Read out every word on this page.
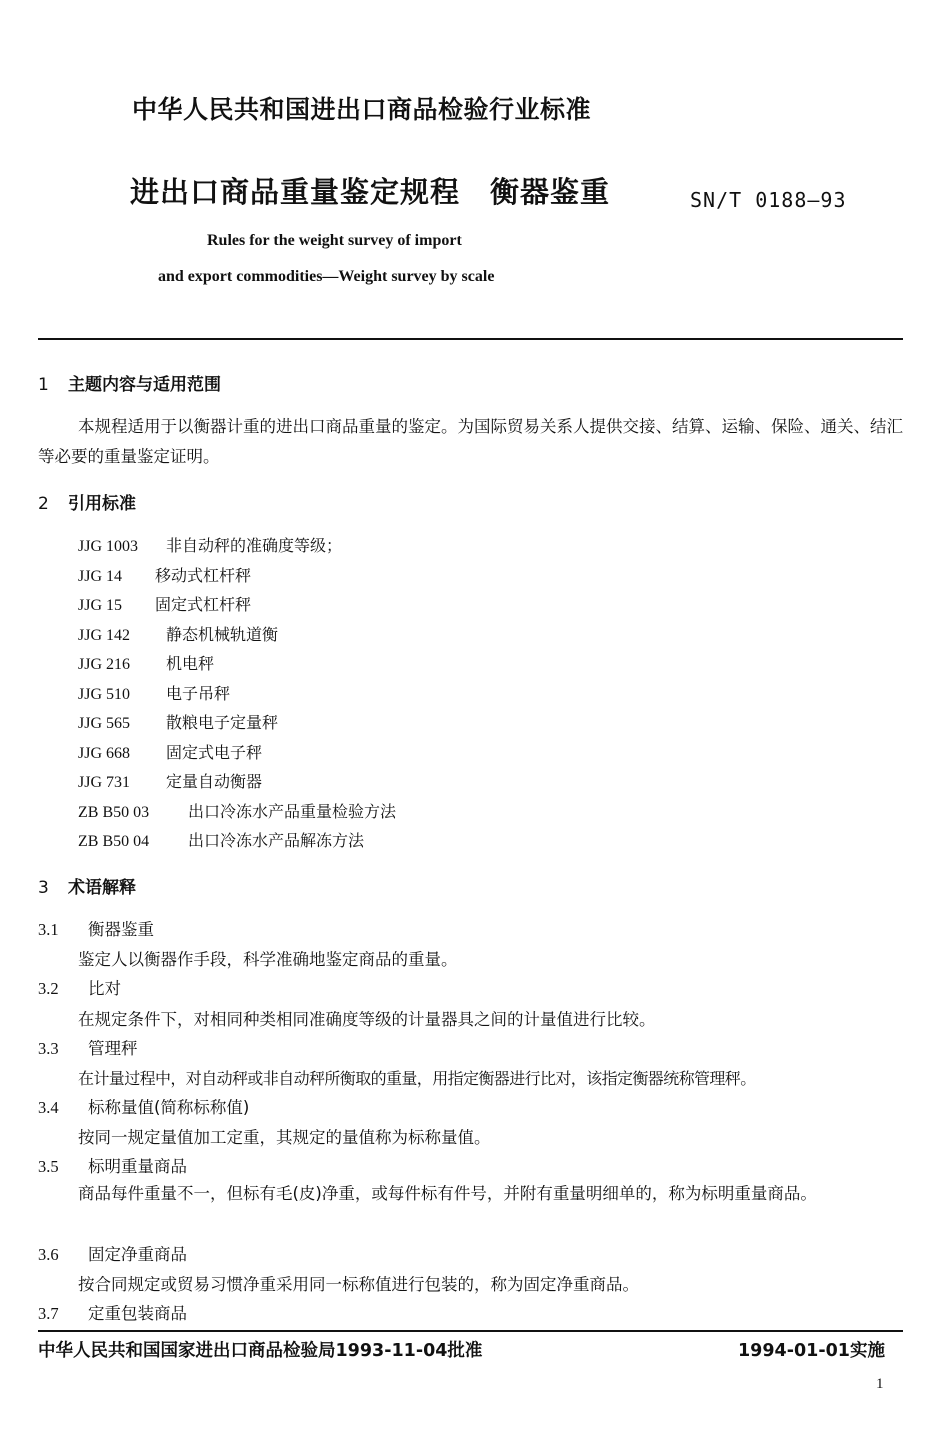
中华人民共和国进出口商品检验行业标准
进出口商品重量鉴定规程　衡器鉴重	SN/T 0188—93
Rules for the weight survey of import
and export commodities—Weight survey by scale
1 主题内容与适用范围
本规程适用于以衡器计重的进出口商品重量的鉴定。为国际贸易关系人提供交接、结算、运输、保险、通关、结汇等必要的重量鉴定证明。
2 引用标准
JJG 1003 非自动秤的准确度等级；
JJG 14 移动式杠杆秤
JJG 15 固定式杠杆秤
JJG 142 静态机械轨道衡
JJG 216 机电秤
JJG 510 电子吊秤
JJG 565 散粮电子定量秤
JJG 668 固定式电子秤
JJG 731 定量自动衡器
ZB B50 03 出口冷冻水产品重量检验方法
ZB B50 04 出口冷冻水产品解冻方法
3 术语解释
3.1 衡器鉴重
鉴定人以衡器作手段，科学准确地鉴定商品的重量。
3.2 比对
在规定条件下，对相同种类相同准确度等级的计量器具之间的计量值进行比较。
3.3 管理秤
在计量过程中，对自动秤或非自动秤所衡取的重量，用指定衡器进行比对，该指定衡器统称管理秤。
3.4 标称量值(简称标称值)
按同一规定量值加工定重，其规定的量值称为标称量值。
3.5 标明重量商品
商品每件重量不一，但标有毛(皮)净重，或每件标有件号，并附有重量明细单的，称为标明重量商品。
3.6 固定净重商品
按合同规定或贸易习惯净重采用同一标称值进行包装的，称为固定净重商品。
3.7 定重包装商品
中华人民共和国国家进出口商品检验局1993-11-04批准	1994-01-01实施
1
